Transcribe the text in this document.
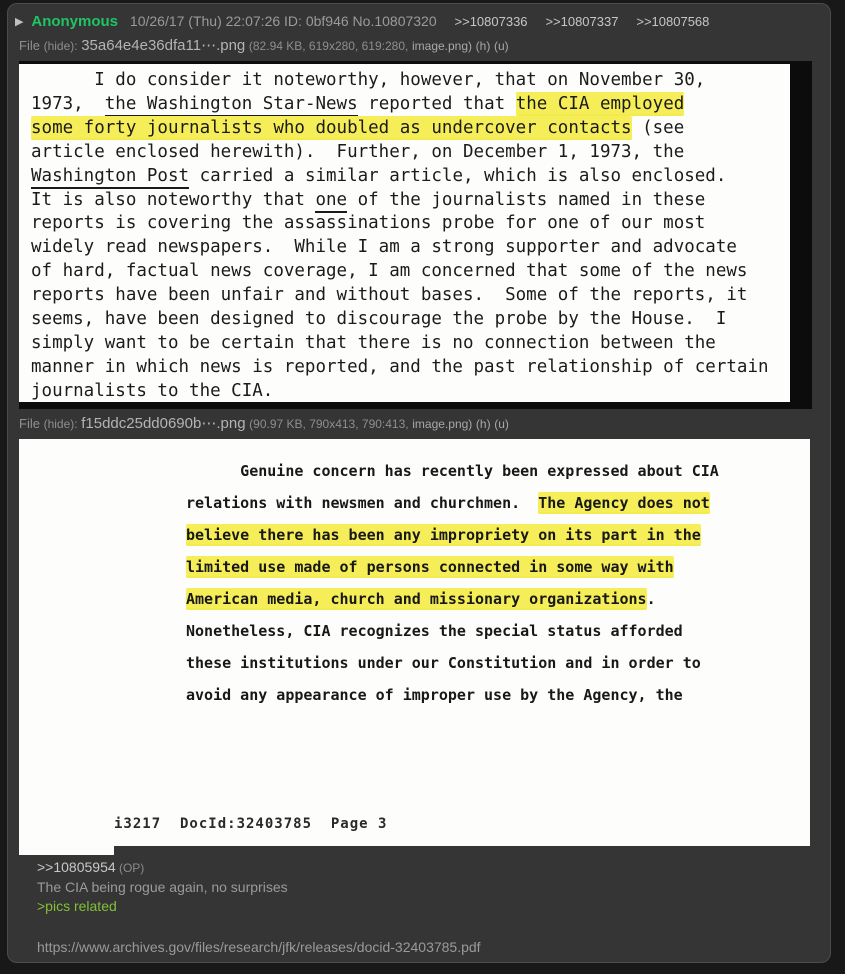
▶ Anonymous 10/26/17 (Thu) 22:07:26 ID: 0bf946 No.10807320 >>10807336 >>10807337 >>10807568
File (hide): 35a64e4e36dfa11⋯.png (82.94 KB, 619x280, 619:280, image.png) (h) (u)
I do consider it noteworthy, however, that on November 30,
1973,  the Washington Star-News reported that the CIA employed
some forty journalists who doubled as undercover contacts (see
article enclosed herewith).  Further, on December 1, 1973, the
Washington Post carried a similar article, which is also enclosed.
It is also noteworthy that one of the journalists named in these
reports is covering the assassinations probe for one of our most
widely read newspapers.  While I am a strong supporter and advocate
of hard, factual news coverage, I am concerned that some of the news
reports have been unfair and without bases.  Some of the reports, it
seems, have been designed to discourage the probe by the House.  I
simply want to be certain that there is no connection between the
manner in which news is reported, and the past relationship of certain
journalists to the CIA.
File (hide): f15ddc25dd0690b⋯.png (90.97 KB, 790x413, 790:413, image.png) (h) (u)
Genuine concern has recently been expressed about CIA
relations with newsmen and churchmen.  The Agency does not
believe there has been any impropriety on its part in the
limited use made of persons connected in some way with
American media, church and missionary organizations.
Nonetheless, CIA recognizes the special status afforded
these institutions under our Constitution and in order to
avoid any appearance of improper use by the Agency, the
i3217  DocId:32403785  Page 3
>>10805954 (OP)
The CIA being rogue again, no surprises
>pics related
https://www.archives.gov/files/research/jfk/releases/docid-32403785.pdf
